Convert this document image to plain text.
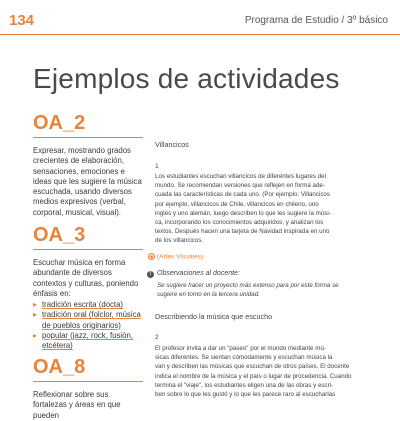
134	Programa de Estudio / 3º básico
Ejemplos de actividades
OA_2
Expresar, mostrando grados crecientes de elaboración, sensaciones, emociones e ideas que les sugiere la música escuchada, usando diversos medios expresivos (verbal, corporal, musical, visual).
OA_3
Escuchar música en forma abundante de diversos contextos y culturas, poniendo énfasis en:
▸ tradición escrita (docta)
▸ tradición oral (folclor, música de pueblos originarios)
▸ popular (jazz, rock, fusión, etcétera)
OA_8
Reflexionar sobre sus fortalezas y áreas en que pueden
Villancicos
1
Los estudiantes escuchan villancicos de diferentes lugares del
mundo. Se recomiendan versiones que reflejen en forma ade-
cuada las características de cada uno. (Por ejemplo: Villancicos
por ejemplo, villancicos de Chile, villancicos en chileno, uno
inglés y uno alemán, luego describen lo que les sugiere la músi-
ca, incorporando los conocimientos adquiridos, y analizan los
textos. Después hacen una tarjeta de Navidad inspirada en uno
de los villancicos.
◉ (Artes Visuales)
! Observaciones al docente:
Se sugiere hacer un proyecto más extenso para por este forma se
sugiere en torno en la tercera unidad.
Describiendo la música que escucho
2
El profesor invita a dar un "paseo" por el mundo mediante mú-
sicas diferentes. Se sientan cómodamente y escuchan música la
van y describen las músicas que escuchan de otros países. El docente
indica el nombre de la música y el país o lugar de procedencia. Cuando
termina el "viaje", los estudiantes eligen una de las obras y escri-
ben sobre lo que les gustó y lo que les parece raro al escucharlas
